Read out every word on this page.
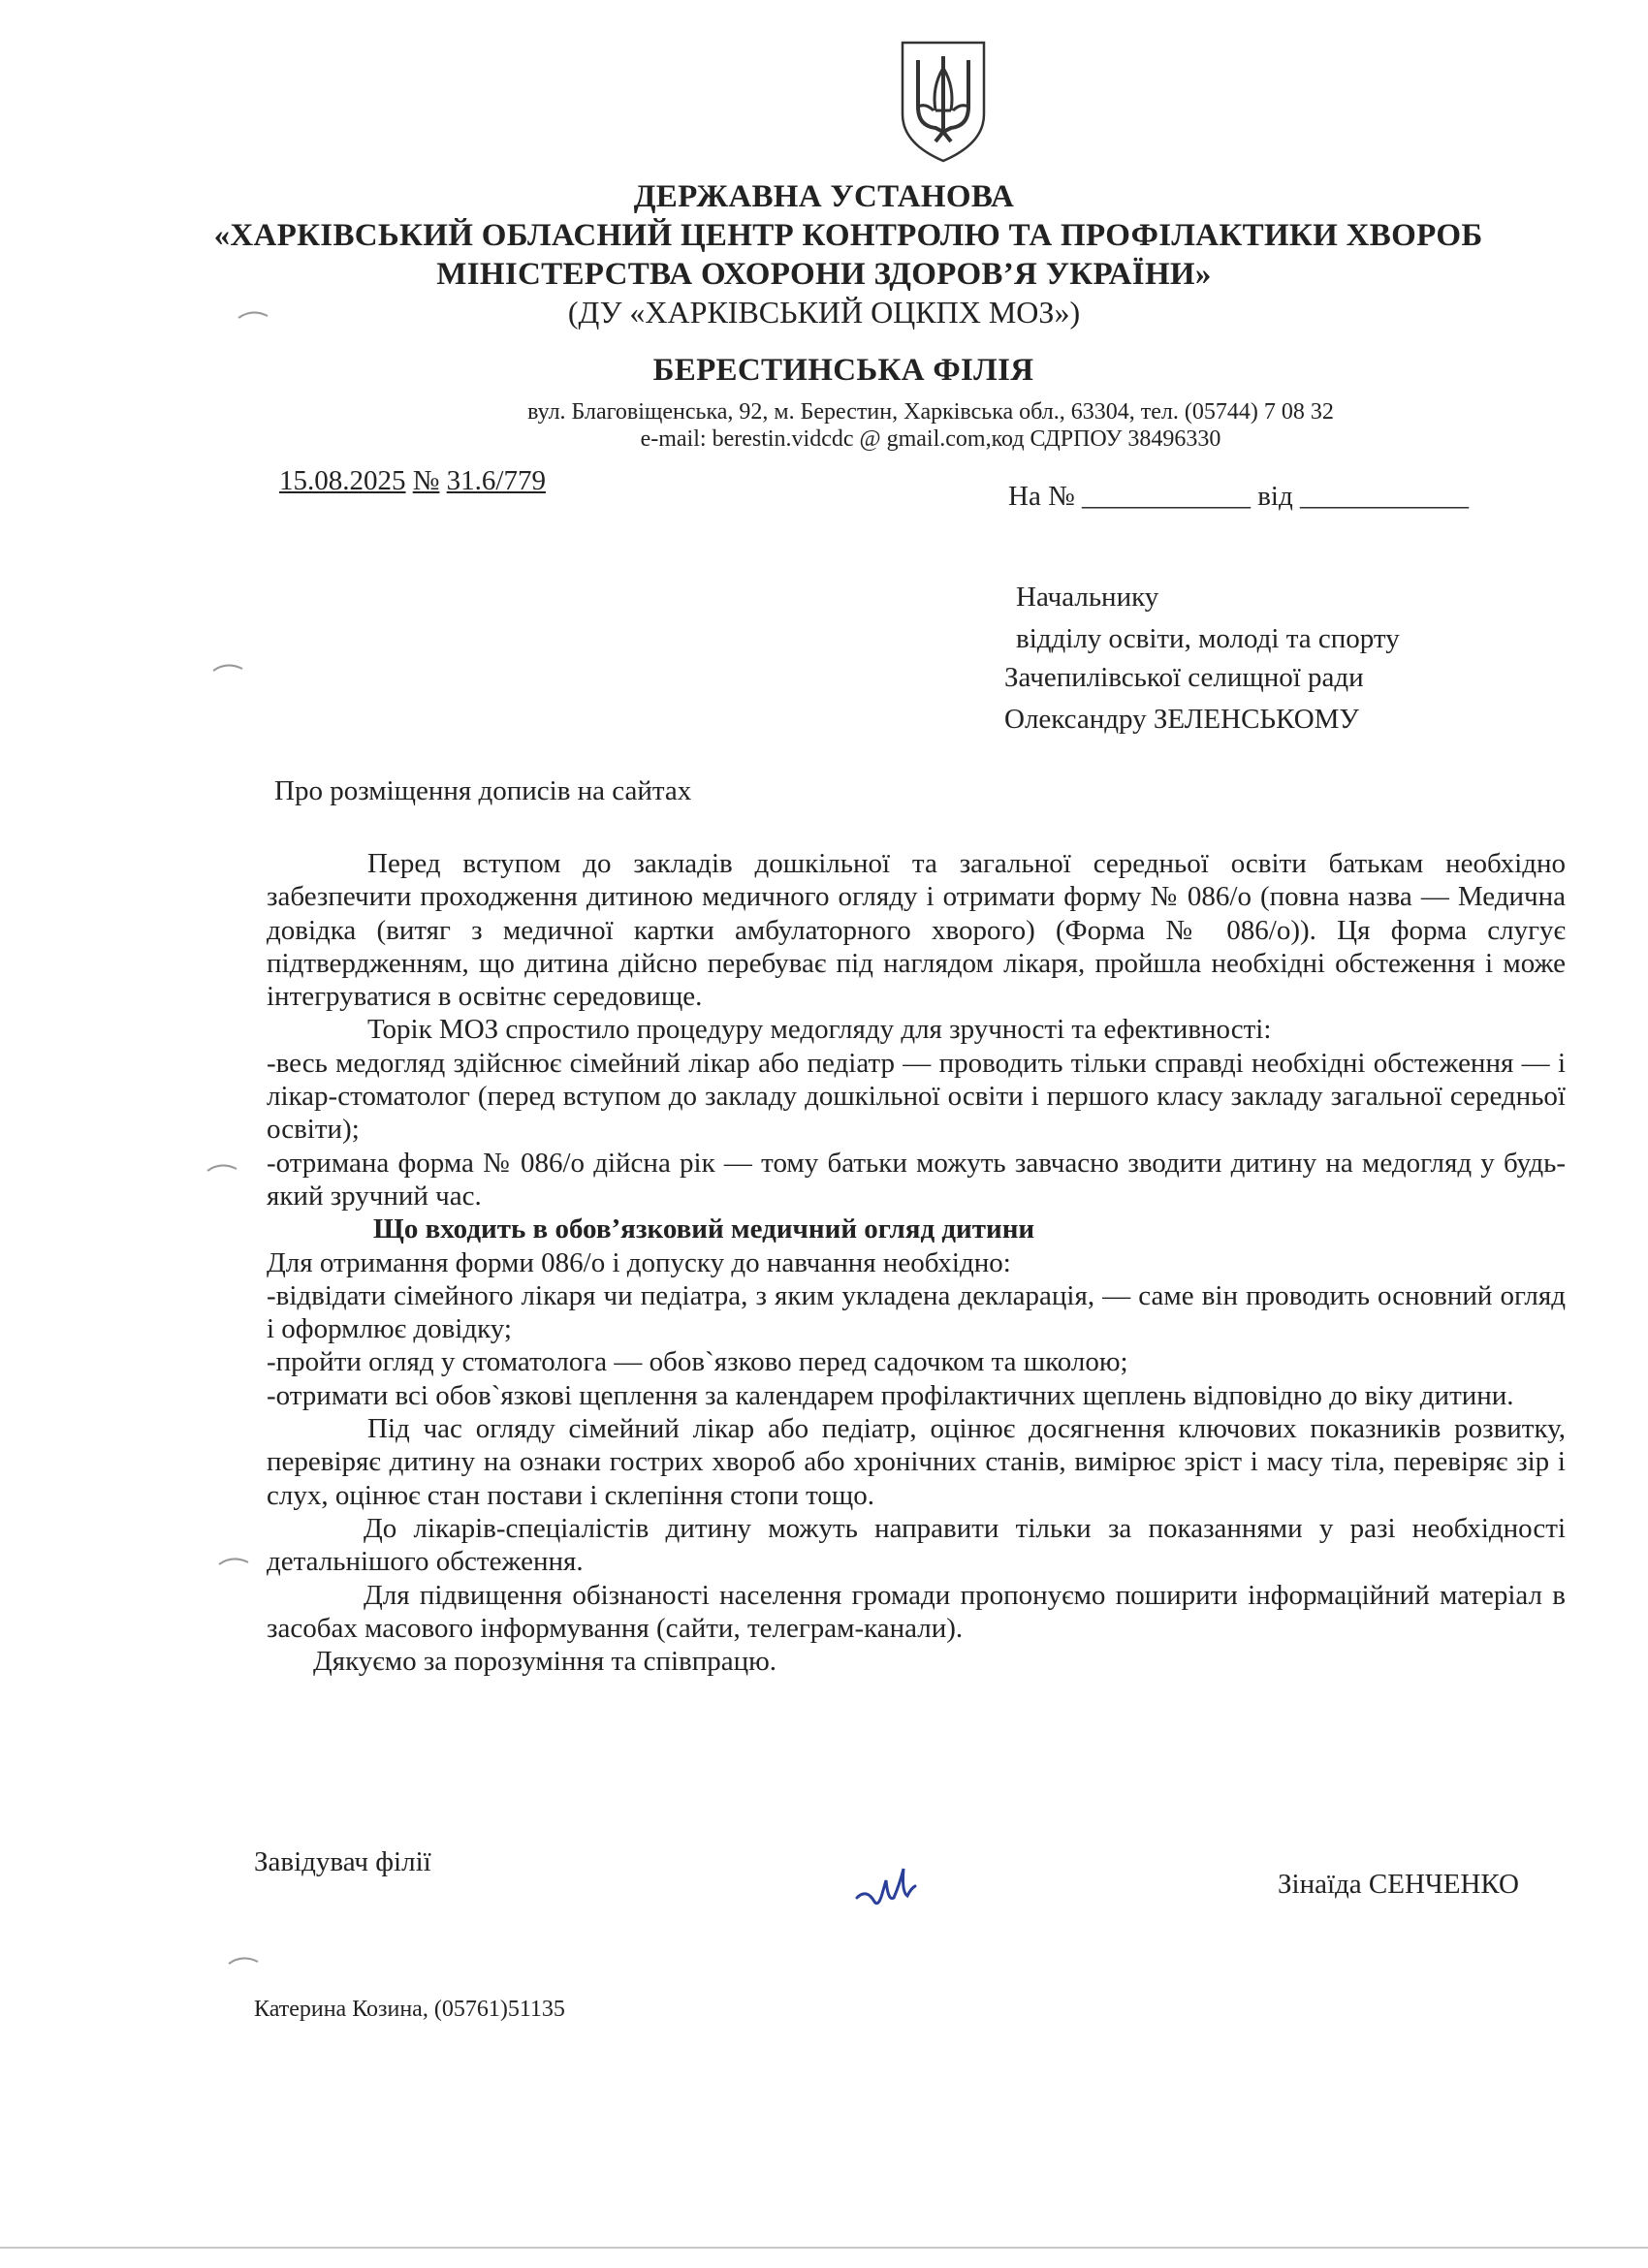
ДЕРЖАВНА УСТАНОВА
«ХАРКІВСЬКИЙ ОБЛАСНИЙ ЦЕНТР КОНТРОЛЮ ТА ПРОФІЛАКТИКИ ХВОРОБ
МІНІСТЕРСТВА ОХОРОНИ ЗДОРОВ’Я УКРАЇНИ»
(ДУ «ХАРКІВСЬКИЙ ОЦКПХ МОЗ»)
БЕРЕСТИНСЬКА ФІЛІЯ
вул. Благовіщенська, 92, м. Берестин, Харківська обл., 63304, тел. (05744) 7 08 32
e-mail: berestin.vidcdc @ gmail.com,код СДРПОУ 38496330
15.08.2025 № 31.6/779	На № ____________ від ____________
Начальнику
відділу освіти, молоді та спорту
Зачепилівської селищної ради
Олександру ЗЕЛЕНСЬКОМУ
Про розміщення дописів на сайтах

Перед вступом до закладів дошкільної та загальної середньої освіти батькам необхідно забезпечити проходження дитиною медичного огляду і отримати форму № 086/о (повна назва — Медична довідка (витяг з медичної картки амбулаторного хворого) (Форма № 086/о)). Ця форма слугує підтвердженням, що дитина дійсно перебуває під наглядом лікаря, пройшла необхідні обстеження і може інтегруватися в освітнє середовище.

Торік МОЗ спростило процедуру медогляду для зручності та ефективності:

-весь медогляд здійснює сімейний лікар або педіатр — проводить тільки справді необхідні обстеження — і лікар-стоматолог (перед вступом до закладу дошкільної освіти і першого класу закладу загальної середньої освіти);

-отримана форма № 086/о дійсна рік — тому батьки можуть завчасно зводити дитину на медогляд у будь-який зручний час.

Що входить в обов’язковий медичний огляд дитини

Для отримання форми 086/о і допуску до навчання необхідно:

-відвідати сімейного лікаря чи педіатра, з яким укладена декларація, — саме він проводить основний огляд і оформлює довідку;

-пройти огляд у стоматолога — обов`язково перед садочком та школою;

-отримати всі обов`язкові щеплення за календарем профілактичних щеплень відповідно до віку дитини.

Під час огляду сімейний лікар або педіатр, оцінює досягнення ключових показників розвитку, перевіряє дитину на ознаки гострих хвороб або хронічних станів, вимірює зріст і масу тіла, перевіряє зір і слух, оцінює стан постави і склепіння стопи тощо.

До лікарів-спеціалістів дитину можуть направити тільки за показаннями у разі необхідності детальнішого обстеження.

Для підвищення обізнаності населення громади пропонуємо поширити інформаційний матеріал в засобах масового інформування (сайти, телеграм-канали).

Дякуємо за порозуміння та співпрацю.

Завідувач філії
Зінаїда СЕНЧЕНКО
Катерина Козина, (05761)51135
